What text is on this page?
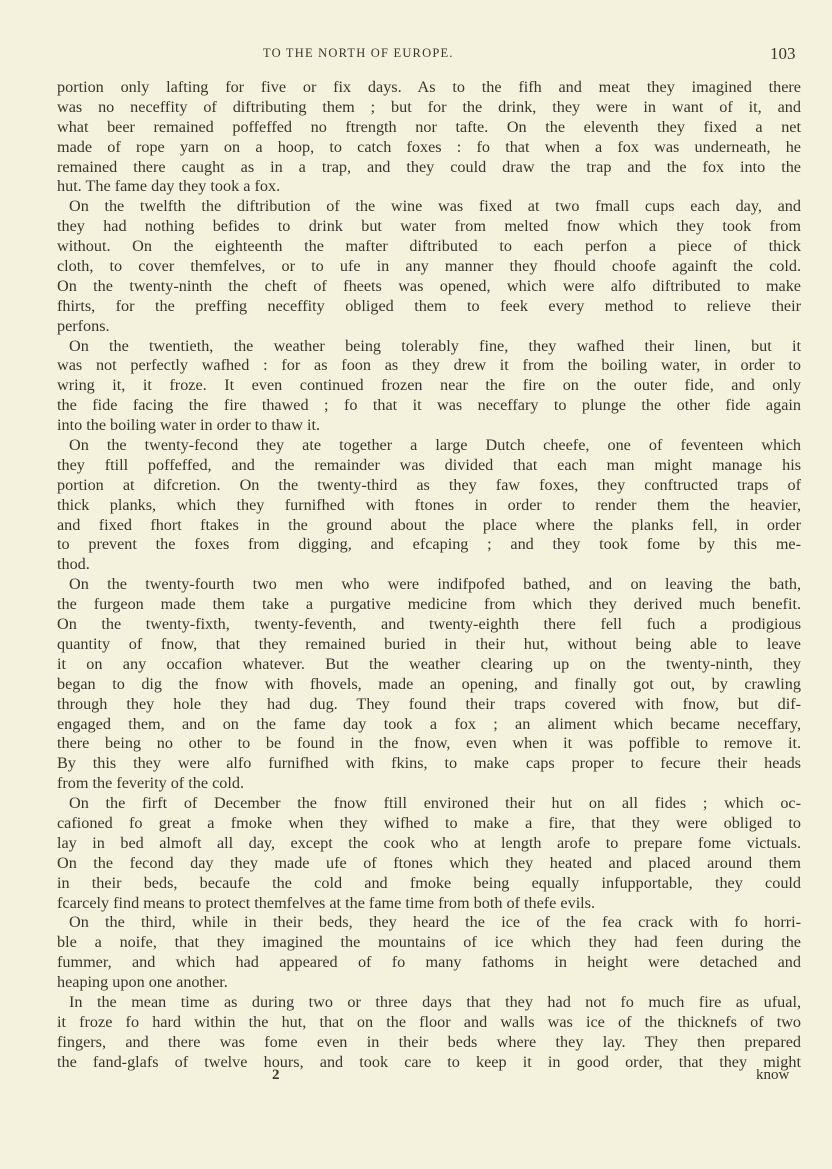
TO THE NORTH OF EUROPE.	103
portion only lafting for five or fix days. As to the fifh and meat they imagined there
was no neceffity of diftributing them ; but for the drink, they were in want of it, and
what beer remained poffeffed no ftrength nor tafte. On the eleventh they fixed a net
made of rope yarn on a hoop, to catch foxes : fo that when a fox was underneath, he
remained there caught as in a trap, and they could draw the trap and the fox into the
hut. The fame day they took a fox.
On the twelfth the diftribution of the wine was fixed at two fmall cups each day, and
they had nothing befides to drink but water from melted fnow which they took from
without. On the eighteenth the mafter diftributed to each perfon a piece of thick
cloth, to cover themfelves, or to ufe in any manner they fhould choofe againft the cold.
On the twenty-ninth the cheft of fheets was opened, which were alfo diftributed to make
fhirts, for the preffing neceffity obliged them to feek every method to relieve their
perfons.
On the twentieth, the weather being tolerably fine, they wafhed their linen, but it
was not perfectly wafhed : for as foon as they drew it from the boiling water, in order to
wring it, it froze. It even continued frozen near the fire on the outer fide, and only
the fide facing the fire thawed ; fo that it was neceffary to plunge the other fide again
into the boiling water in order to thaw it.
On the twenty-fecond they ate together a large Dutch cheefe, one of feventeen which
they ftill poffeffed, and the remainder was divided that each man might manage his
portion at difcretion. On the twenty-third as they faw foxes, they conftructed traps of
thick planks, which they furnifhed with ftones in order to render them the heavier,
and fixed fhort ftakes in the ground about the place where the planks fell, in order
to prevent the foxes from digging, and efcaping ; and they took fome by this me-
thod.
On the twenty-fourth two men who were indifpofed bathed, and on leaving the bath,
the furgeon made them take a purgative medicine from which they derived much benefit.
On the twenty-fixth, twenty-feventh, and twenty-eighth there fell fuch a prodigious
quantity of fnow, that they remained buried in their hut, without being able to leave
it on any occafion whatever. But the weather clearing up on the twenty-ninth, they
began to dig the fnow with fhovels, made an opening, and finally got out, by crawling
through they hole they had dug. They found their traps covered with fnow, but dif-
engaged them, and on the fame day took a fox ; an aliment which became neceffary,
there being no other to be found in the fnow, even when it was poffible to remove it.
By this they were alfo furnifhed with fkins, to make caps proper to fecure their heads
from the feverity of the cold.
On the firft of December the fnow ftill environed their hut on all fides ; which oc-
cafioned fo great a fmoke when they wifhed to make a fire, that they were obliged to
lay in bed almoft all day, except the cook who at length arofe to prepare fome victuals.
On the fecond day they made ufe of ftones which they heated and placed around them
in their beds, becaufe the cold and fmoke being equally infupportable, they could
fcarcely find means to protect themfelves at the fame time from both of thefe evils.
On the third, while in their beds, they heard the ice of the fea crack with fo horri-
ble a noife, that they imagined the mountains of ice which they had feen during the
fummer, and which had appeared of fo many fathoms in height were detached and
heaping upon one another.
In the mean time as during two or three days that they had not fo much fire as ufual,
it froze fo hard within the hut, that on the floor and walls was ice of the thicknefs of two
fingers, and there was fome even in their beds where they lay. They then prepared
the fand-glafs of twelve hours, and took care to keep it in good order, that they might
2	know
